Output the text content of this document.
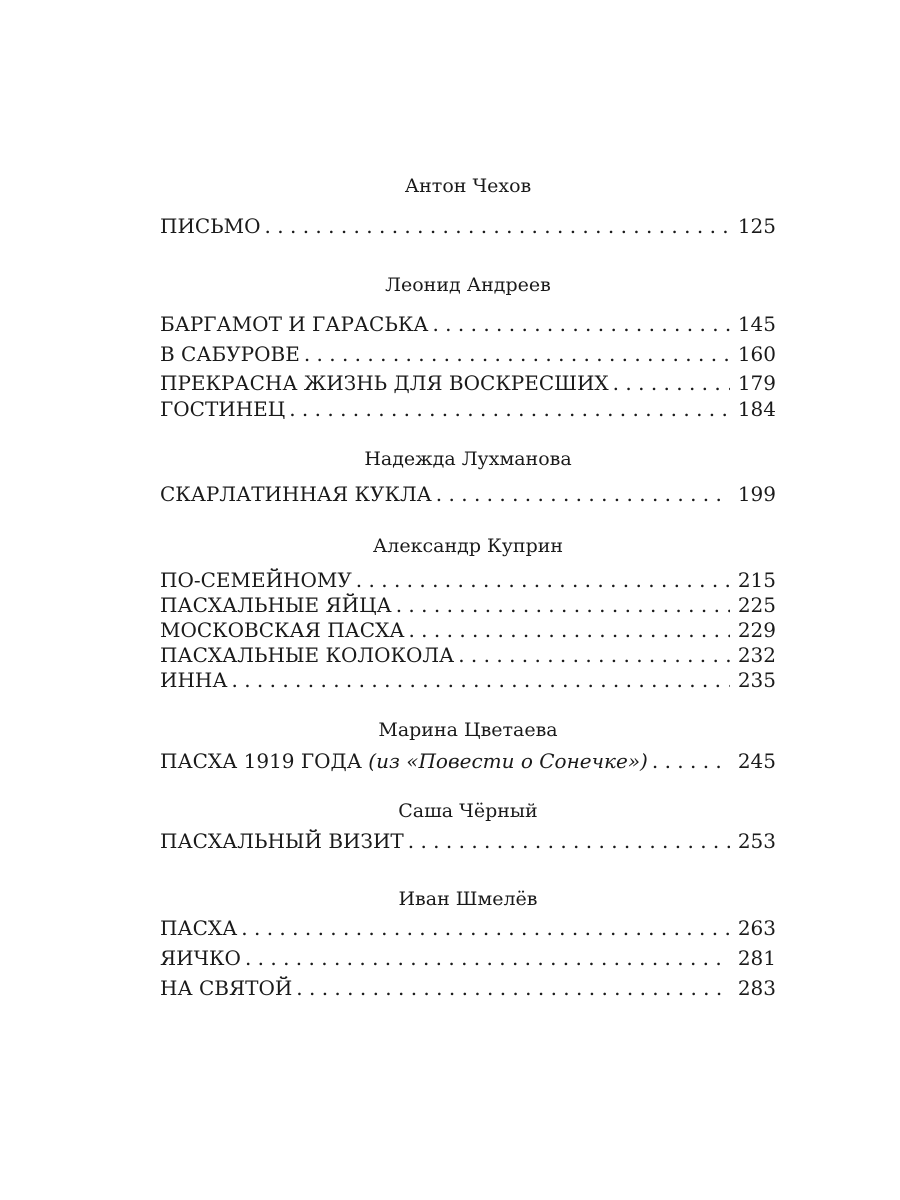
Антон Чехов
ПИСЬМО . . .	125
Леонид Андреев
БАРГАМОТ И ГАРАСЬКА . . .	145
В САБУРОВЕ . . .	160
ПРЕКРАСНА ЖИЗНЬ ДЛЯ ВОСКРЕСШИХ . . .	179
ГОСТИНЕЦ . . .	184
Надежда Лухманова
СКАРЛАТИННАЯ КУКЛА . . .	199
Александр Куприн
ПО-СЕМЕЙНОМУ . . .	215
ПАСХАЛЬНЫЕ ЯЙЦА . . .	225
МОСКОВСКАЯ ПАСХА . . .	229
ПАСХАЛЬНЫЕ КОЛОКОЛА . . .	232
ИННА . . .	235
Марина Цветаева
ПАСХА 1919 ГОДА (из «Повести о Сонечке») . . .	245
Саша Чёрный
ПАСХАЛЬНЫЙ ВИЗИТ . . .	253
Иван Шмелёв
ПАСХА . . .	263
ЯИЧКО . . .	281
НА СВЯТОЙ . . .	283
